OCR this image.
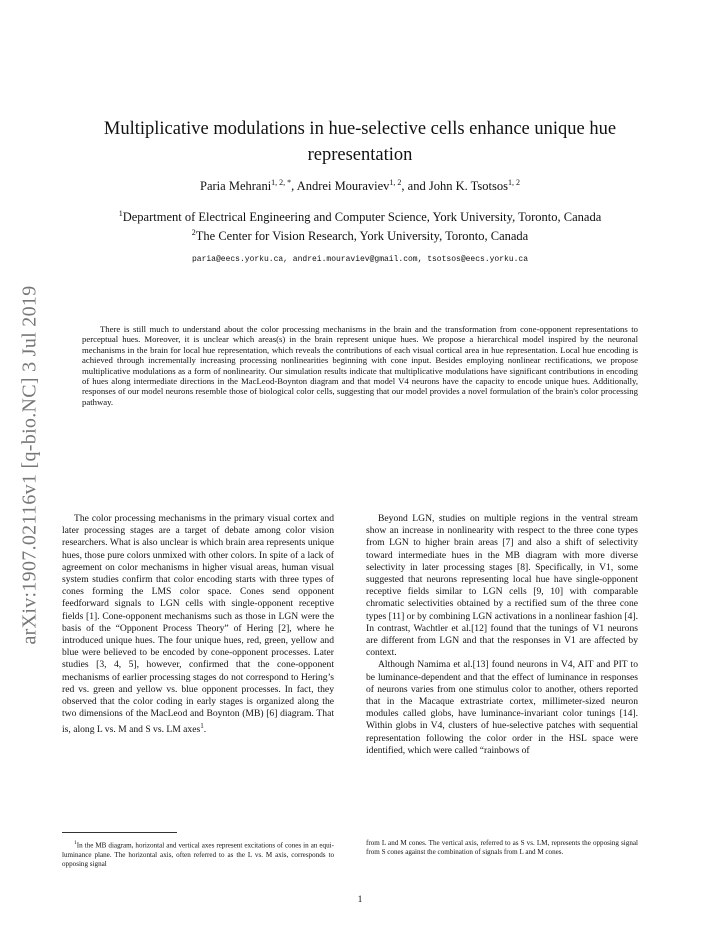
arXiv:1907.02116v1 [q-bio.NC] 3 Jul 2019
Multiplicative modulations in hue-selective cells enhance unique hue representation
Paria Mehrani$^{1, 2, *}$, Andrei Mouraviev$^{1, 2}$, and John K. Tsotsos$^{1, 2}$
$^1$Department of Electrical Engineering and Computer Science, York University, Toronto, Canada
$^2$The Center for Vision Research, York University, Toronto, Canada
paria@eecs.yorku.ca, andrei.mouraviev@gmail.com, tsotsos@eecs.yorku.ca
There is still much to understand about the color processing mechanisms in the brain and the transformation from cone-opponent representations to perceptual hues. Moreover, it is unclear which areas(s) in the brain represent unique hues. We propose a hierarchical model inspired by the neuronal mechanisms in the brain for local hue representation, which reveals the contributions of each visual cortical area in hue representation. Local hue encoding is achieved through incrementally increasing processing nonlinearities beginning with cone input. Besides employing nonlinear rectifications, we propose multiplicative modulations as a form of nonlinearity. Our simulation results indicate that multiplicative modulations have significant contributions in encoding of hues along intermediate directions in the MacLeod-Boynton diagram and that model V4 neurons have the capacity to encode unique hues. Additionally, responses of our model neurons resemble those of biological color cells, suggesting that our model provides a novel formulation of the brain's color processing pathway.

The color processing mechanisms in the primary visual cortex and later processing stages are a target of debate among color vision researchers. What is also unclear is which brain area represents unique hues, those pure colors unmixed with other colors. In spite of a lack of agreement on color mechanisms in higher visual areas, human visual system studies confirm that color encoding starts with three types of cones forming the LMS color space. Cones send opponent feedforward signals to LGN cells with single-opponent receptive fields [1]. Cone-opponent mechanisms such as those in LGN were the basis of the “Opponent Process Theory” of Hering [2], where he introduced unique hues. The four unique hues, red, green, yellow and blue were believed to be encoded by cone-opponent processes. Later studies [3, 4, 5], however, confirmed that the cone-opponent mechanisms of earlier processing stages do not correspond to Hering’s red vs. green and yellow vs. blue opponent processes. In fact, they observed that the color coding in early stages is organized along the two dimensions of the MacLeod and Boynton (MB) [6] diagram. That is, along L vs. M and S vs. LM axes$^1$.

Beyond LGN, studies on multiple regions in the ventral stream show an increase in nonlinearity with respect to the three cone types from LGN to higher brain areas [7] and also a shift of selectivity toward intermediate hues in the MB diagram with more diverse selectivity in later processing stages [8]. Specifically, in V1, some suggested that neurons representing local hue have single-opponent receptive fields similar to LGN cells [9, 10] with comparable chromatic selectivities obtained by a rectified sum of the three cone types [11] or by combining LGN activations in a nonlinear fashion [4]. In contrast, Wachtler et al.[12] found that the tunings of V1 neurons are different from LGN and that the responses in V1 are affected by context.

Although Namima et al.[13] found neurons in V4, AIT and PIT to be luminance-dependent and that the effect of luminance in responses of neurons varies from one stimulus color to another, others reported that in the Macaque extrastriate cortex, millimeter-sized neuron modules called globs, have luminance-invariant color tunings [14]. Within globs in V4, clusters of hue-selective patches with sequential representation following the color order in the HSL space were identified, which were called “rainbows of

$^1$In the MB diagram, horizontal and vertical axes represent excitations of cones in an equi-luminance plane. The horizontal axis, often referred to as the L vs. M axis, corresponds to opposing signal
from L and M cones. The vertical axis, referred to as S vs. LM, represents the opposing signal from S cones against the combination of signals from L and M cones.
1
